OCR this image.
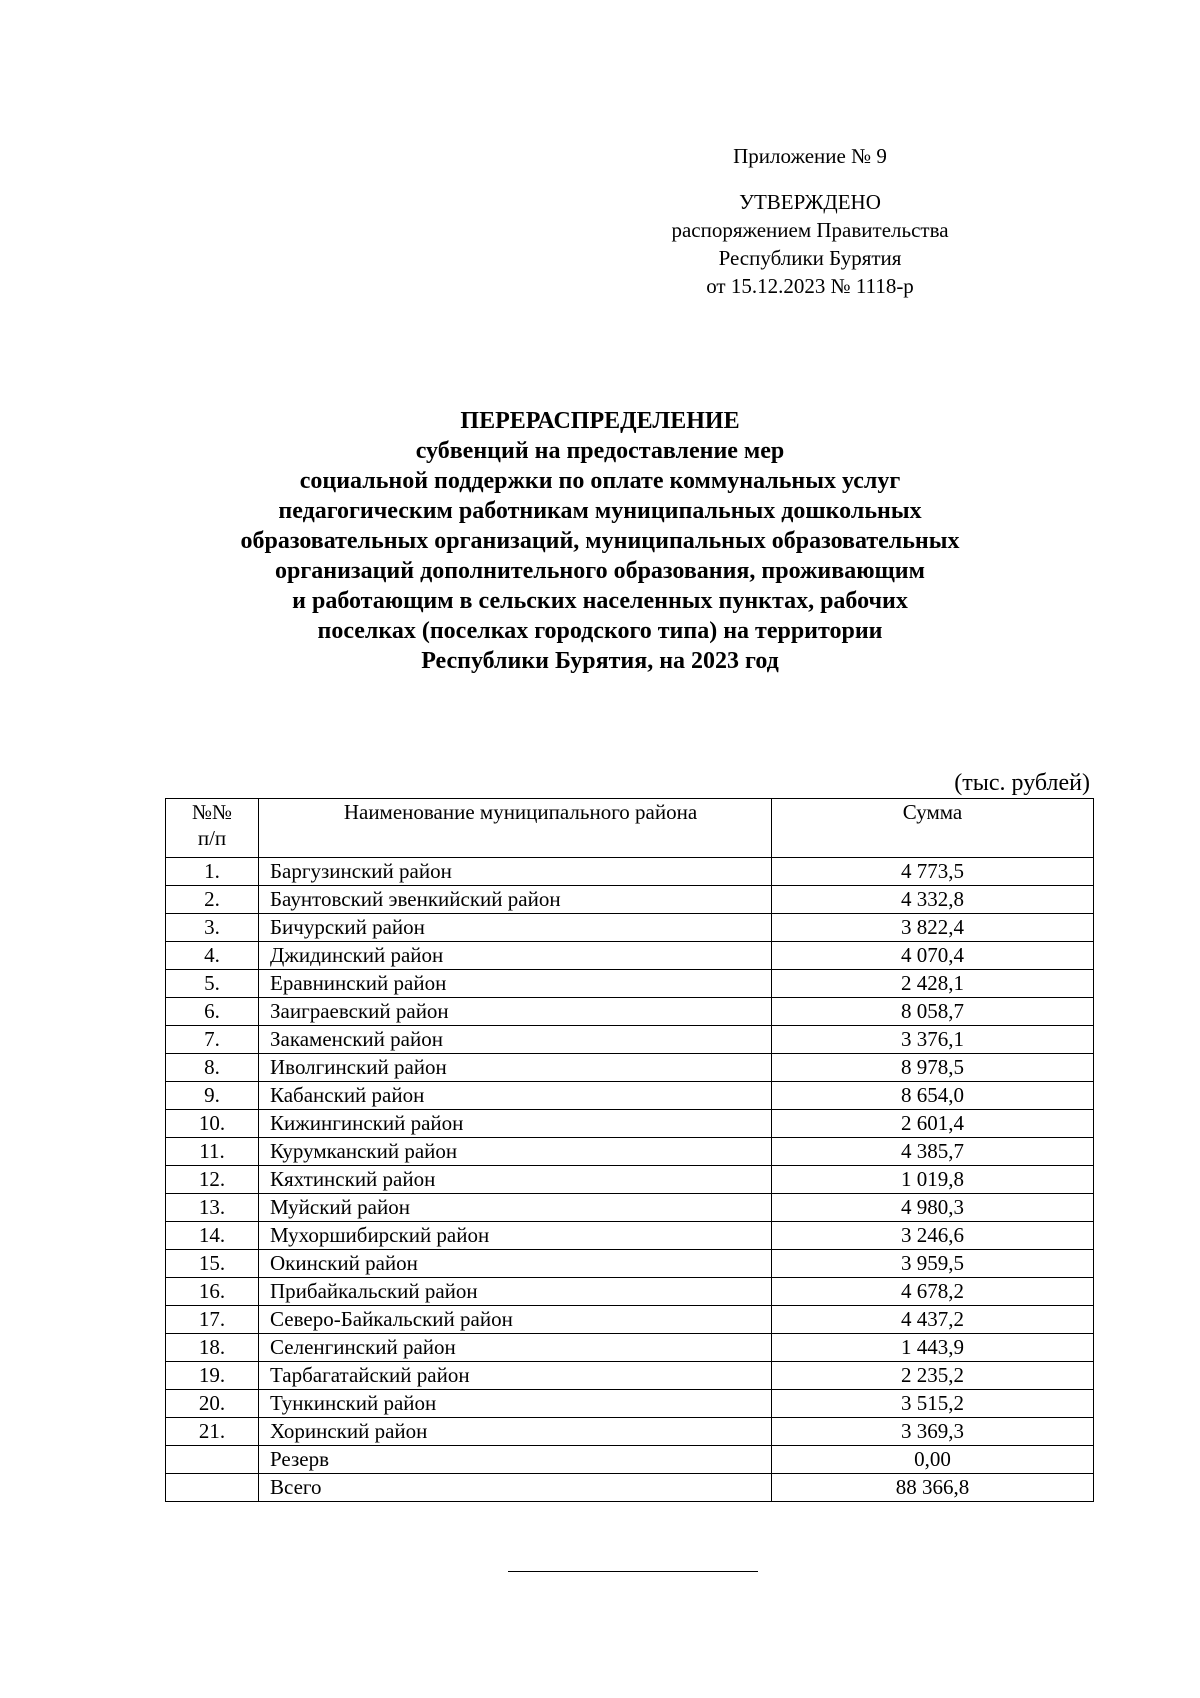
Приложение № 9
УТВЕРЖДЕНО
распоряжением Правительства
Республики Бурятия
от 15.12.2023 № 1118-р
ПЕРЕРАСПРЕДЕЛЕНИЕ
субвенций на предоставление мер
социальной поддержки по оплате коммунальных услуг
педагогическим работникам муниципальных дошкольных
образовательных организаций, муниципальных образовательных
организаций дополнительного образования, проживающим
и работающим в сельских населенных пунктах, рабочих
поселках (поселках городского типа) на территории
Республики Бурятия, на 2023 год
(тыс. рублей)
№№
п/п	Наименование муниципального района	Сумма
1.	Баргузинский район	4 773,5
2.	Баунтовский эвенкийский район	4 332,8
3.	Бичурский район	3 822,4
4.	Джидинский район	4 070,4
5.	Еравнинский район	2 428,1
6.	Заиграевский район	8 058,7
7.	Закаменский район	3 376,1
8.	Иволгинский район	8 978,5
9.	Кабанский район	8 654,0
10.	Кижингинский район	2 601,4
11.	Курумканский район	4 385,7
12.	Кяхтинский район	1 019,8
13.	Муйский район	4 980,3
14.	Мухоршибирский район	3 246,6
15.	Окинский район	3 959,5
16.	Прибайкальский район	4 678,2
17.	Северо-Байкальский район	4 437,2
18.	Селенгинский район	1 443,9
19.	Тарбагатайский район	2 235,2
20.	Тункинский район	3 515,2
21.	Хоринский район	3 369,3
	Резерв	0,00
	Всего	88 366,8
